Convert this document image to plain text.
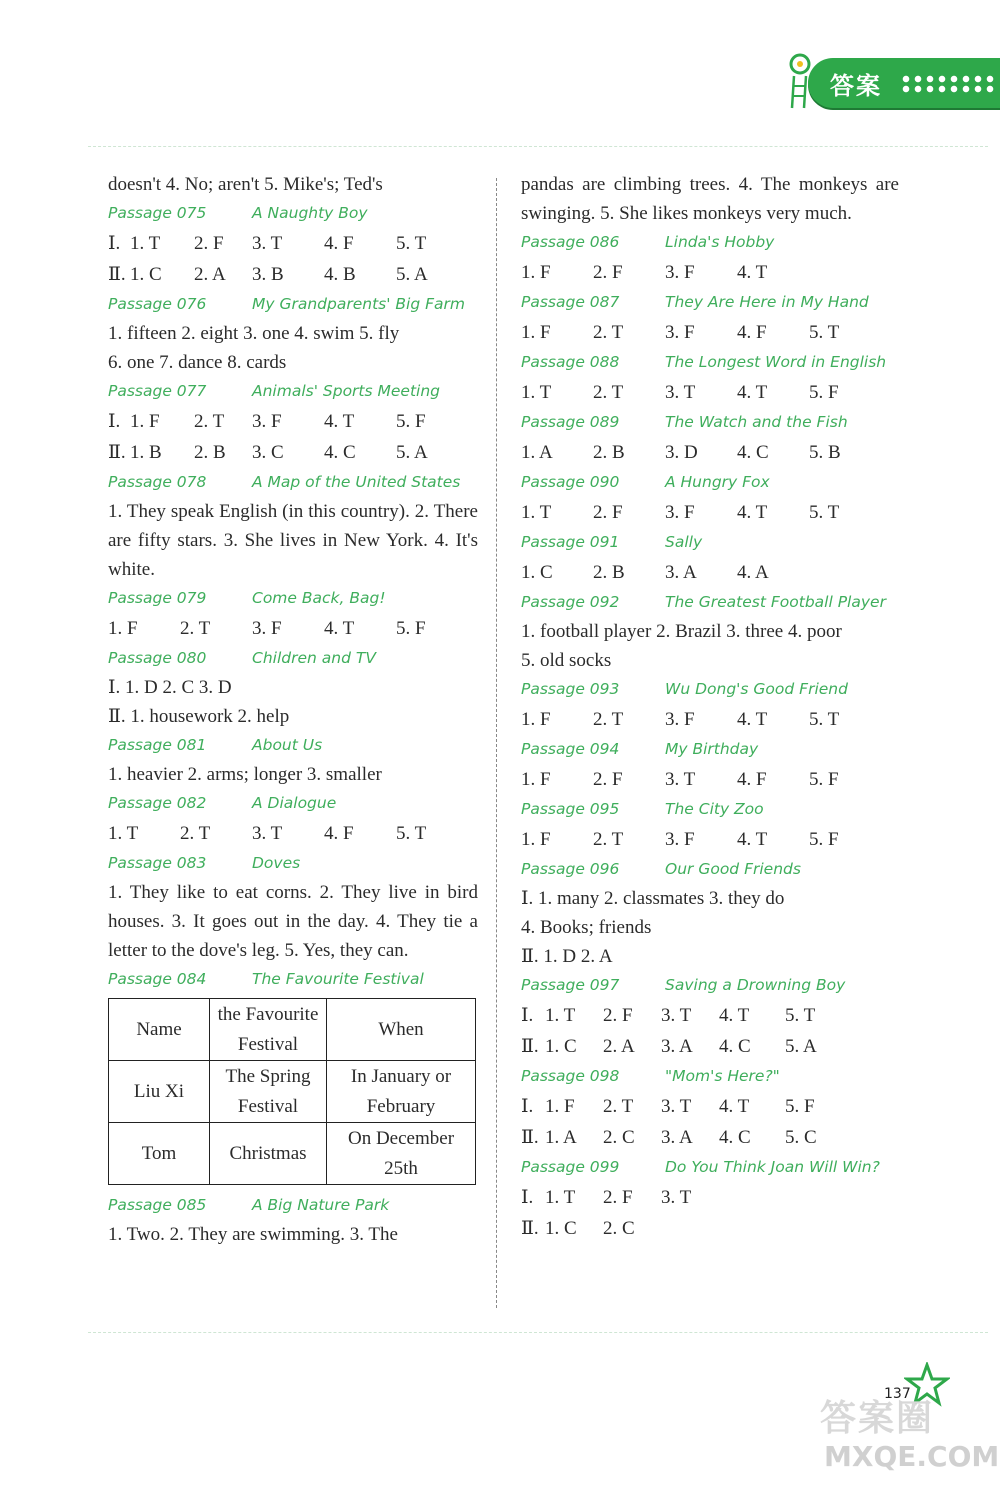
答案
doesn't 4. No; aren't 5. Mike's; Ted's
Passage 075	A Naughty Boy
Ⅰ. 1. T	2. F	3. T	4. F	5. T
Ⅱ. 1. C	2. A	3. B	4. B	5. A
Passage 076	My Grandparents' Big Farm
1. fifteen 2. eight 3. one 4. swim 5. fly
6. one 7. dance 8. cards
Passage 077	Animals' Sports Meeting
Ⅰ. 1. F	2. T	3. F	4. T	5. F
Ⅱ. 1. B	2. B	3. C	4. C	5. A
Passage 078	A Map of the United States
1. They speak English (in this country). 2. There are fifty stars. 3. She lives in New York. 4. It's white.
Passage 079	Come Back, Bag!
1. F	2. T	3. F	4. T	5. F
Passage 080	Children and TV
Ⅰ. 1. D 2. C 3. D
Ⅱ. 1. housework 2. help
Passage 081	About Us
1. heavier 2. arms; longer 3. smaller
Passage 082	A Dialogue
1. T	2. T	3. T	4. F	5. T
Passage 083	Doves
1. They like to eat corns. 2. They live in bird houses. 3. It goes out in the day. 4. They tie a letter to the dove's leg. 5. Yes, they can.
Passage 084	The Favourite Festival
Name	the Favourite Festival	When
Liu Xi	The Spring Festival	In January or February
Tom	Christmas	On December 25th
Passage 085	A Big Nature Park
1. Two. 2. They are swimming. 3. The
pandas are climbing trees. 4. The monkeys are swinging. 5. She likes monkeys very much.
Passage 086	Linda's Hobby
1. F	2. F	3. F	4. T
Passage 087	They Are Here in My Hand
1. F	2. T	3. F	4. F	5. T
Passage 088	The Longest Word in English
1. T	2. T	3. T	4. T	5. F
Passage 089	The Watch and the Fish
1. A	2. B	3. D	4. C	5. B
Passage 090	A Hungry Fox
1. T	2. F	3. F	4. T	5. T
Passage 091	Sally
1. C	2. B	3. A	4. A
Passage 092	The Greatest Football Player
1. football player 2. Brazil 3. three 4. poor
5. old socks
Passage 093	Wu Dong's Good Friend
1. F	2. T	3. F	4. T	5. T
Passage 094	My Birthday
1. F	2. F	3. T	4. F	5. F
Passage 095	The City Zoo
1. F	2. T	3. F	4. T	5. F
Passage 096	Our Good Friends
Ⅰ. 1. many 2. classmates 3. they do
4. Books; friends
Ⅱ. 1. D 2. A
Passage 097	Saving a Drowning Boy
Ⅰ. 1. T	2. F	3. T	4. T	5. T
Ⅱ. 1. C	2. A	3. A	4. C	5. A
Passage 098	"Mom's Here?"
Ⅰ. 1. F	2. T	3. T	4. T	5. F
Ⅱ. 1. A	2. C	3. A	4. C	5. C
Passage 099	Do You Think Joan Will Win?
Ⅰ. 1. T	2. F	3. T
Ⅱ. 1. C	2. C
137
答案圈
MXQE.COM
